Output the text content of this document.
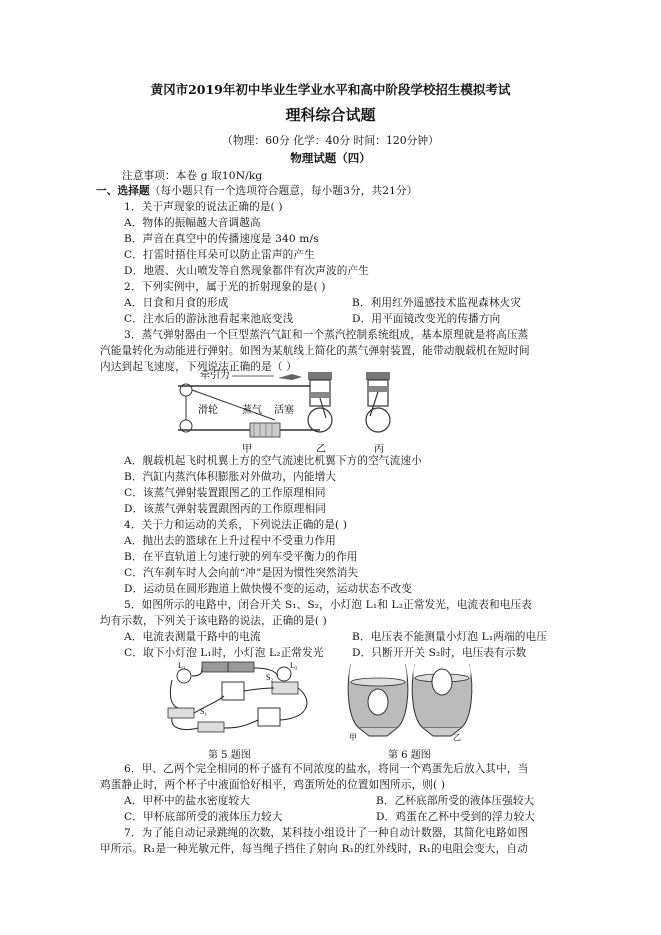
黄冈市2019年初中毕业生学业水平和高中阶段学校招生模拟考试
理科综合试题
（物理：60分 化学：40分 时间：120分钟）
物理试题（四）
注意事项：本卷 g 取10N/kg
一、选择题（每小题只有一个选项符合题意，每小题3分，共21分）
1．关于声现象的说法正确的是( )
A．物体的振幅越大音调越高
B．声音在真空中的传播速度是 340 m/s
C．打雷时捂住耳朵可以防止雷声的产生
D．地震、火山喷发等自然现象都伴有次声波的产生
2．下列实例中，属于光的折射现象的是( )
A．日食和月食的形成	B．利用红外遥感技术监视森林火灾
C．注水后的游泳池看起来池底变浅	D．用平面镜改变光的传播方向
3．蒸气弹射器由一个巨型蒸汽气缸和一个蒸汽控制系统组成，基本原理就是将高压蒸
汽能量转化为动能进行弹射。如图为某航线上简化的蒸气弹射装置，能带动舰载机在短时间
内达到起飞速度，下列说法正确的是（ ）
牵引力
滑轮 蒸气 活塞
甲	乙	丙
A．舰载机起飞时机翼上方的空气流速比机翼下方的空气流速小
B．汽缸内蒸汽体积膨胀对外做功，内能增大
C．该蒸气弹射装置跟图乙的工作原理相同
D．该蒸气弹射装置跟图丙的工作原理相同
4．关于力和运动的关系，下列说法正确的是( )
A．抛出去的篮球在上升过程中不受重力作用
B．在平直轨道上匀速行驶的列车受平衡力的作用
C．汽车刹车时人会向前“冲”是因为惯性突然消失
D．运动员在圆形跑道上做快慢不变的运动，运动状态不改变
5．如图所示的电路中，闭合开关 S₁、S₂，小灯泡 L₁和 L₂正常发光，电流表和电压表
均有示数，下列关于该电路的说法，正确的是( )
A．电流表测量干路中的电流	B．电压表不能测量小灯泡 L₁两端的电压
C．取下小灯泡 L₁时，小灯泡 L₂正常发光	D．只断开开关 S₂时，电压表有示数
L₁	L₂
S₁
S₂
甲	乙
第 5 题图	第 6 题图
6．甲、乙两个完全相同的杯子盛有不同浓度的盐水，将同一个鸡蛋先后放入其中，当
鸡蛋静止时，两个杯子中液面恰好相平，鸡蛋所处的位置如图所示，则( )
A．甲杯中的盐水密度较大	B．乙杯底部所受的液体压强较大
C．甲杯底部所受的液体压力较大	D．鸡蛋在乙杯中受到的浮力较大
7．为了能自动记录跳绳的次数，某科技小组设计了一种自动计数器，其简化电路如图
甲所示。R₁是一种光敏元件，每当绳子挡住了射向 R₁的红外线时，R₁的电阻会变大，自动
